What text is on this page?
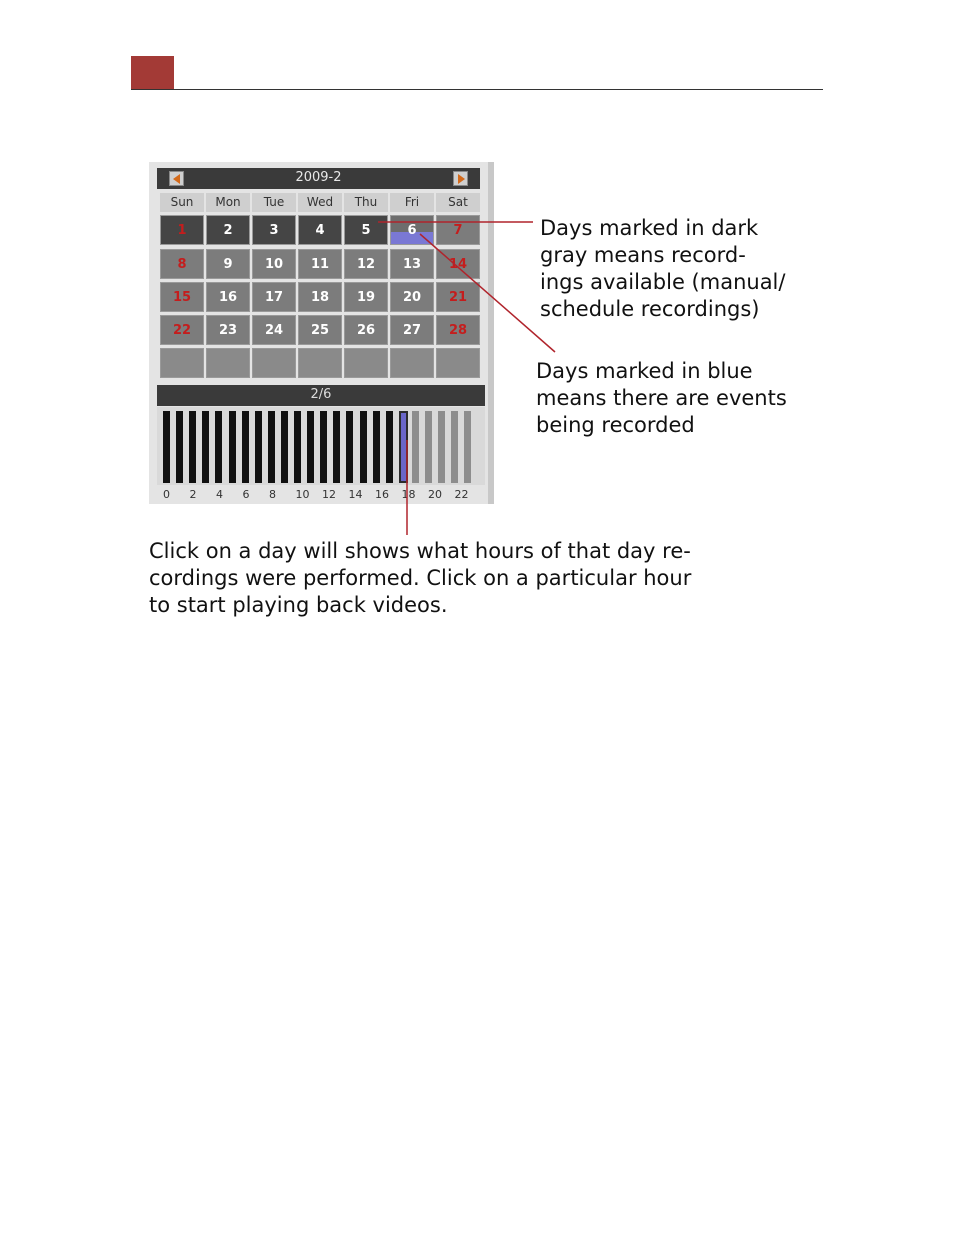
2009-2
Sun	Mon	Tue	Wed	Thu	Fri	Sat
1	2	3	4	5	6	7
8	9	10	11	12	13	14
15	16	17	18	19	20	21
22	23	24	25	26	27	28
2/6
0 2 4 6 8 10 12 14 16 18 20 22
Days marked in dark
gray means record-
ings available (manual/
schedule recordings)
Days marked in blue
means there are events
being recorded
Click on a day will shows what hours of that day re-
cordings were performed. Click on a particular hour
to start playing back videos.
